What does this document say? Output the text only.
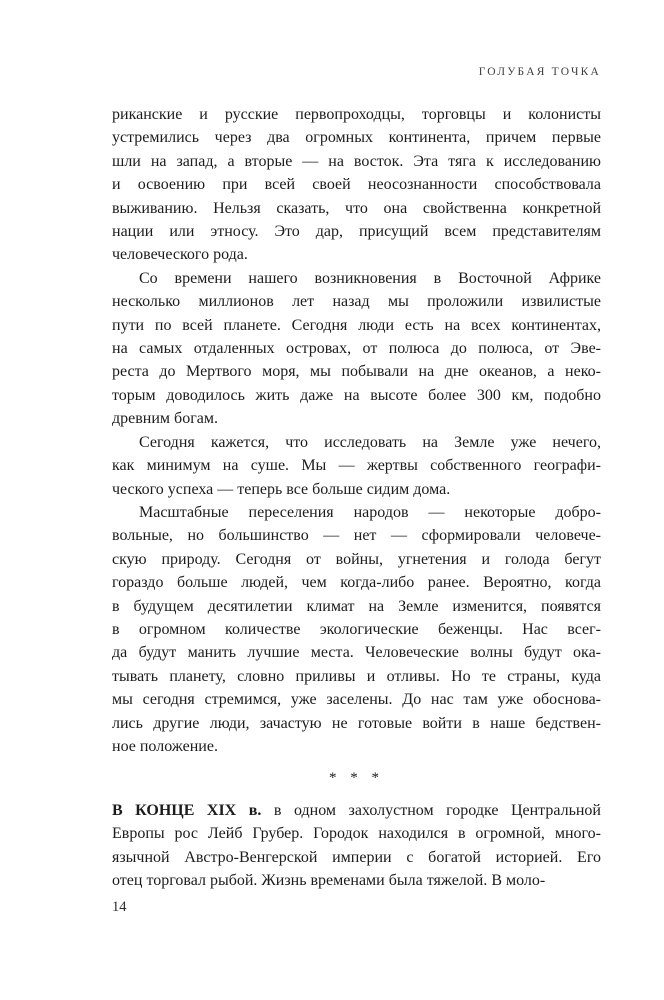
ГОЛУБАЯ ТОЧКА
риканские и русские первопроходцы, торговцы и колонисты
устремились через два огромных континента, причем первые
шли на запад, а вторые — на восток. Эта тяга к исследованию
и освоению при всей своей неосознанности способствовала
выживанию. Нельзя сказать, что она свойственна конкретной
нации или этносу. Это дар, присущий всем представителям
человеческого рода.
Со времени нашего возникновения в Восточной Африке
несколько миллионов лет назад мы проложили извилистые
пути по всей планете. Сегодня люди есть на всех континентах,
на самых отдаленных островах, от полюса до полюса, от Эве-
реста до Мертвого моря, мы побывали на дне океанов, а неко-
торым доводилось жить даже на высоте более 300 км, подобно
древним богам.
Сегодня кажется, что исследовать на Земле уже нечего,
как минимум на суше. Мы — жертвы собственного географи-
ческого успеха — теперь все больше сидим дома.
Масштабные переселения народов — некоторые добро-
вольные, но большинство — нет — сформировали человече-
скую природу. Сегодня от войны, угнетения и голода бегут
гораздо больше людей, чем когда-либо ранее. Вероятно, когда
в будущем десятилетии климат на Земле изменится, появятся
в огромном количестве экологические беженцы. Нас всег-
да будут манить лучшие места. Человеческие волны будут ока-
тывать планету, словно приливы и отливы. Но те страны, куда
мы сегодня стремимся, уже заселены. До нас там уже обоснова-
лись другие люди, зачастую не готовые войти в наше бедствен-
ное положение.
* * *
В КОНЦЕ XIX в. в одном захолустном городке Центральной
Европы рос Лейб Грубер. Городок находился в огромной, много-
язычной Австро-Венгерской империи с богатой историей. Его
отец торговал рыбой. Жизнь временами была тяжелой. В моло-
14
